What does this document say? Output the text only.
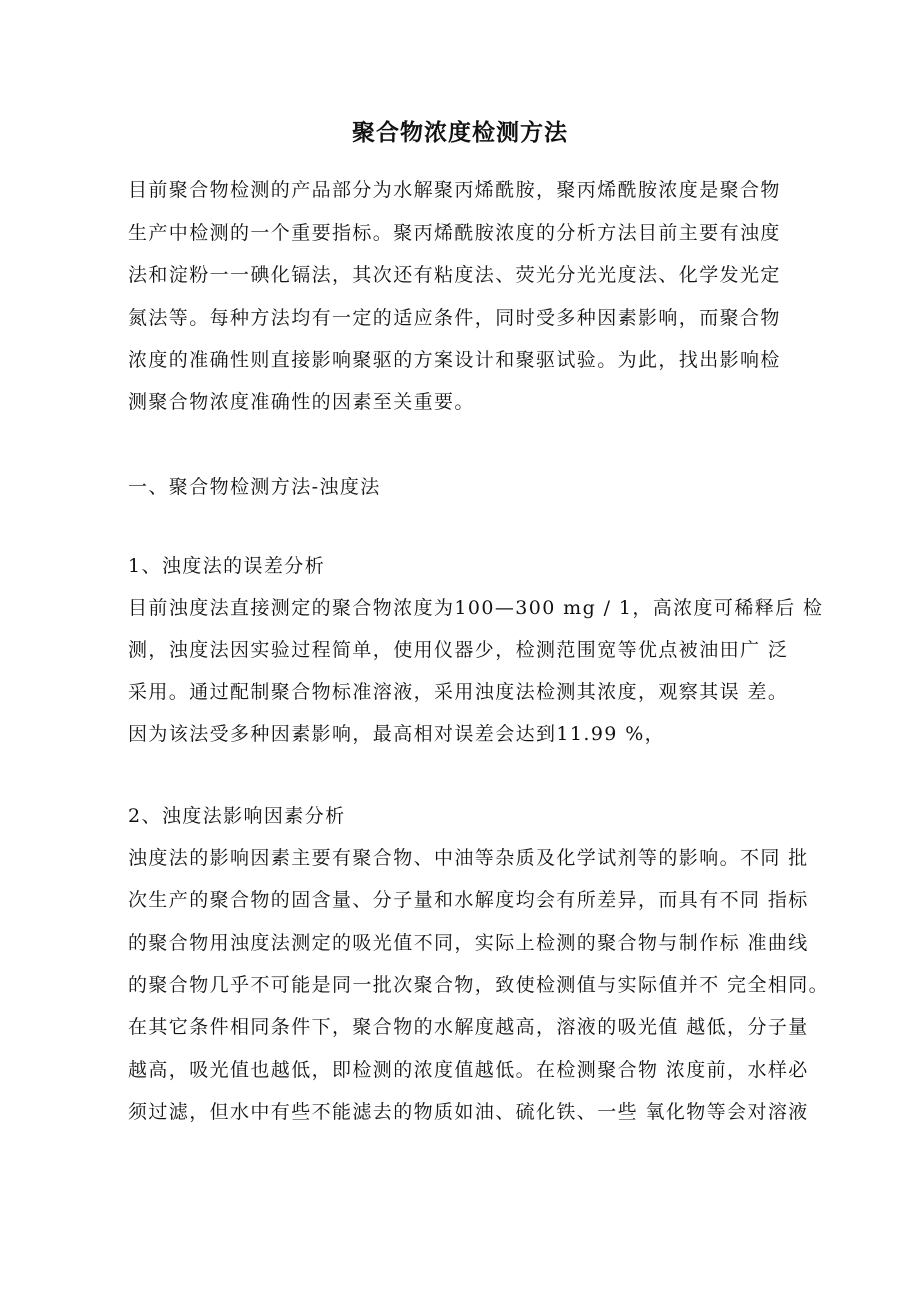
聚合物浓度检测方法
目前聚合物检测的产品部分为水解聚丙烯酰胺，聚丙烯酰胺浓度是聚合物
生产中检测的一个重要指标。聚丙烯酰胺浓度的分析方法目前主要有浊度
法和淀粉一一碘化镉法，其次还有粘度法、荧光分光光度法、化学发光定
氮法等。每种方法均有一定的适应条件，同时受多种因素影响，而聚合物
浓度的准确性则直接影响聚驱的方案设计和聚驱试验。为此，找出影响检
测聚合物浓度准确性的因素至关重要。
一、聚合物检测方法-浊度法
1、浊度法的误差分析
目前浊度法直接测定的聚合物浓度为100—300 mg / 1，高浓度可稀释后 检
测，浊度法因实验过程简单，使用仪器少，检测范围宽等优点被油田广 泛
采用。通过配制聚合物标准溶液，采用浊度法检测其浓度，观察其误 差。
因为该法受多种因素影响，最高相对误差会达到11.99 %，
2、浊度法影响因素分析
浊度法的影响因素主要有聚合物、中油等杂质及化学试剂等的影响。不同 批
次生产的聚合物的固含量、分子量和水解度均会有所差异，而具有不同 指标
的聚合物用浊度法测定的吸光值不同，实际上检测的聚合物与制作标 准曲线
的聚合物几乎不可能是同一批次聚合物，致使检测值与实际值并不 完全相同。
在其它条件相同条件下，聚合物的水解度越高，溶液的吸光值 越低，分子量
越高，吸光值也越低，即检测的浓度值越低。在检测聚合物 浓度前，水样必
须过滤，但水中有些不能滤去的物质如油、硫化铁、一些 氧化物等会对溶液
